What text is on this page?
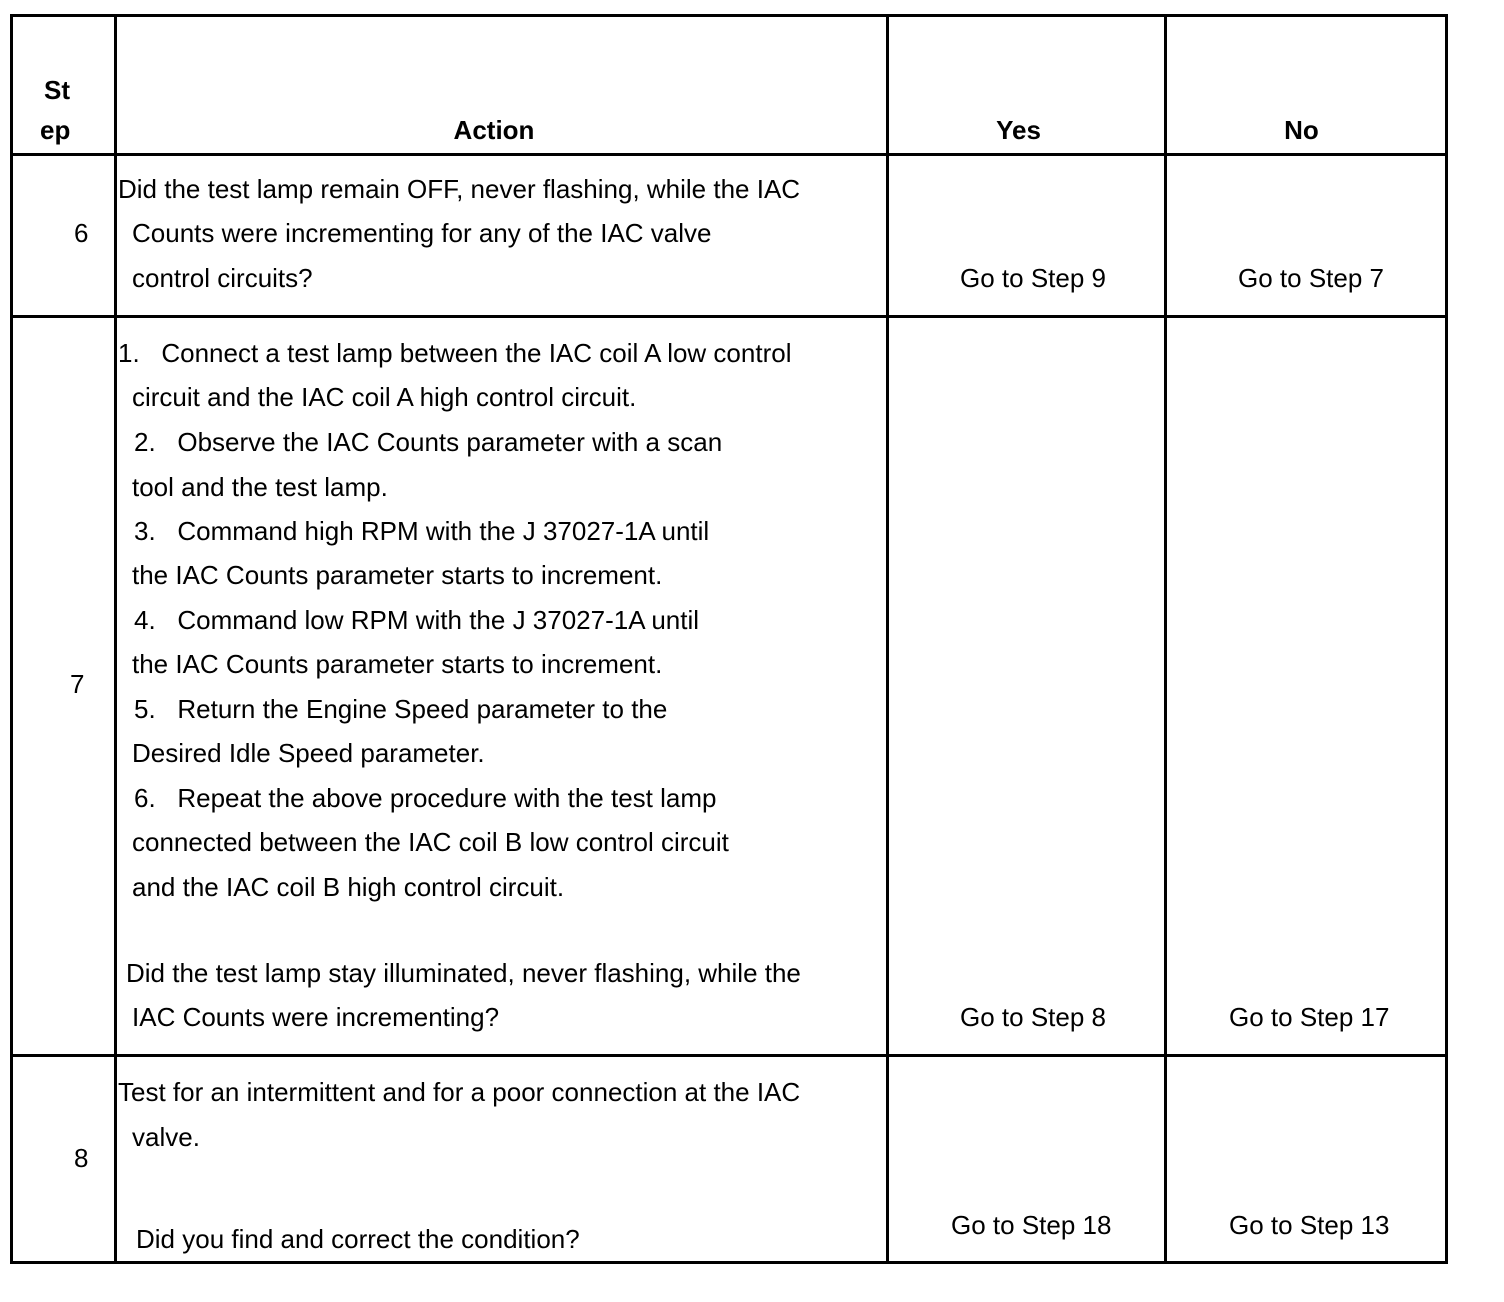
St
ep	Action	Yes	No
6
Did the test lamp remain OFF, never flashing, while the IAC
Counts were incrementing for any of the IAC valve
control circuits?	Go to Step 9	Go to Step 7
7
1.   Connect a test lamp between the IAC coil A low control
circuit and the IAC coil A high control circuit.
2.   Observe the IAC Counts parameter with a scan
tool and the test lamp.
3.   Command high RPM with the J 37027-1A until
the IAC Counts parameter starts to increment.
4.   Command low RPM with the J 37027-1A until
the IAC Counts parameter starts to increment.
5.   Return the Engine Speed parameter to the
Desired Idle Speed parameter.
6.   Repeat the above procedure with the test lamp
connected between the IAC coil B low control circuit
and the IAC coil B high control circuit.
Did the test lamp stay illuminated, never flashing, while the
IAC Counts were incrementing?	Go to Step 8	Go to Step 17
8
Test for an intermittent and for a poor connection at the IAC
valve.
Did you find and correct the condition?	Go to Step 18	Go to Step 13
